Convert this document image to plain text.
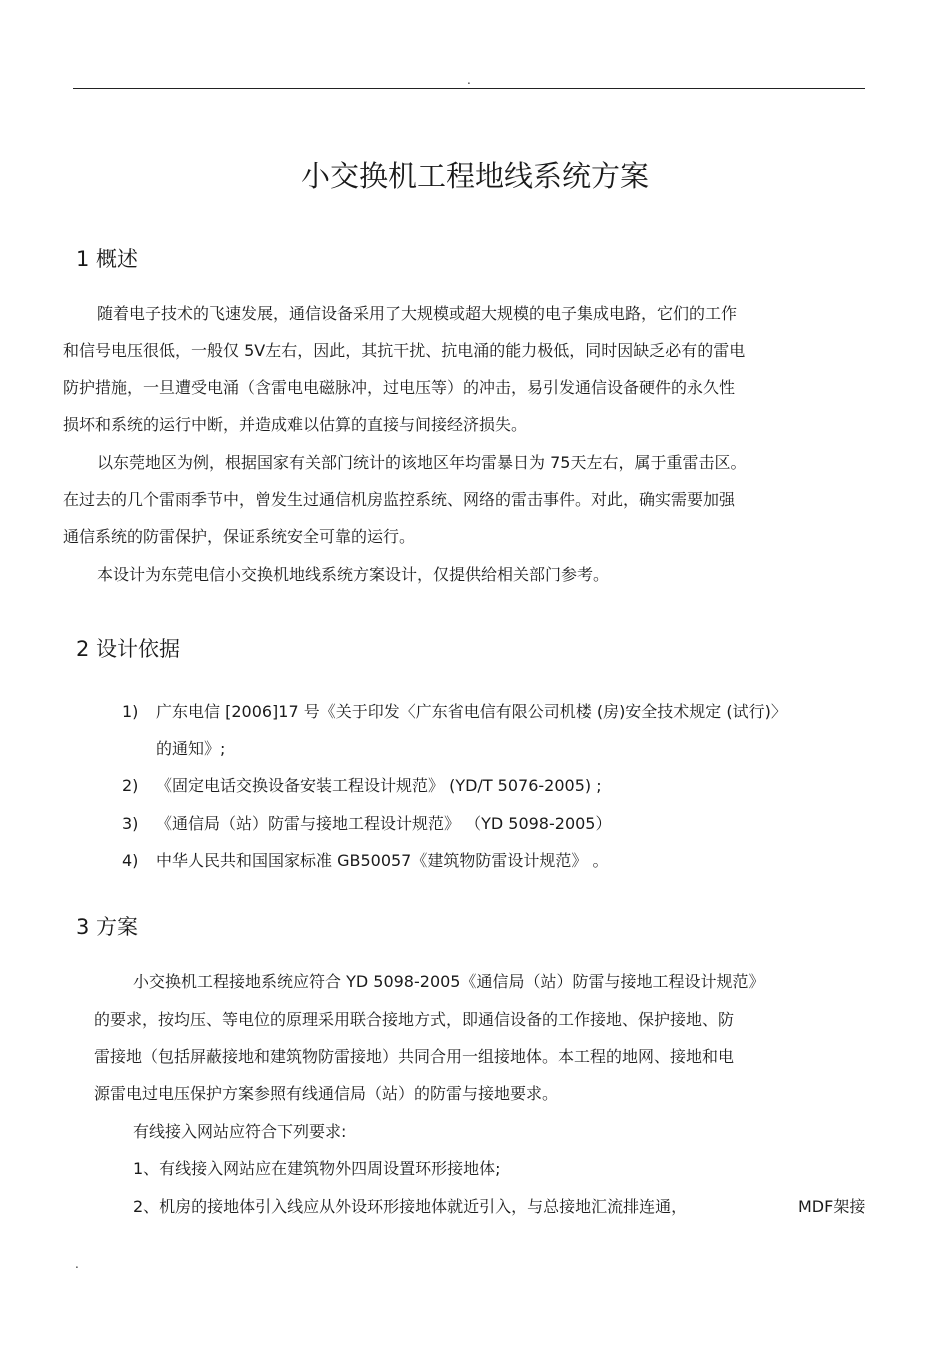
.
小交换机工程地线系统方案
1 概述

随着电子技术的飞速发展，通信设备采用了大规模或超大规模的电子集成电路，它们的工作

和信号电压很低，一般仅 5V左右，因此，其抗干扰、抗电涌的能力极低，同时因缺乏必有的雷电

防护措施，一旦遭受电涌（含雷电电磁脉冲，过电压等）的冲击，易引发通信设备硬件的永久性

损坏和系统的运行中断，并造成难以估算的直接与间接经济损失。

以东莞地区为例，根据国家有关部门统计的该地区年均雷暴日为 75天左右，属于重雷击区。

在过去的几个雷雨季节中，曾发生过通信机房监控系统、网络的雷击事件。对此，确实需要加强

通信系统的防雷保护，保证系统安全可靠的运行。

本设计为东莞电信小交换机地线系统方案设计，仅提供给相关部门参考。

2 设计依据
1) 广东电信 [2006]17 号《关于印发〈广东省电信有限公司机楼 (房)安全技术规定 (试行)〉

的通知》;

2) 《固定电话交换设备安装工程设计规范》 (YD/T 5076-2005) ;

3) 《通信局（站）防雷与接地工程设计规范》 （YD 5098-2005）

4) 中华人民共和国国家标准 GB50057《建筑物防雷设计规范》 。

3 方案

小交换机工程接地系统应符合 YD 5098-2005《通信局（站）防雷与接地工程设计规范》

的要求，按均压、等电位的原理采用联合接地方式，即通信设备的工作接地、保护接地、防

雷接地（包括屏蔽接地和建筑物防雷接地）共同合用一组接地体。本工程的地网、接地和电

源雷电过电压保护方案参照有线通信局（站）的防雷与接地要求。

有线接入网站应符合下列要求:

1、有线接入网站应在建筑物外四周设置环形接地体;

2、机房的接地体引入线应从外设环形接地体就近引入，与总接地汇流排连通，	MDF架接
.
